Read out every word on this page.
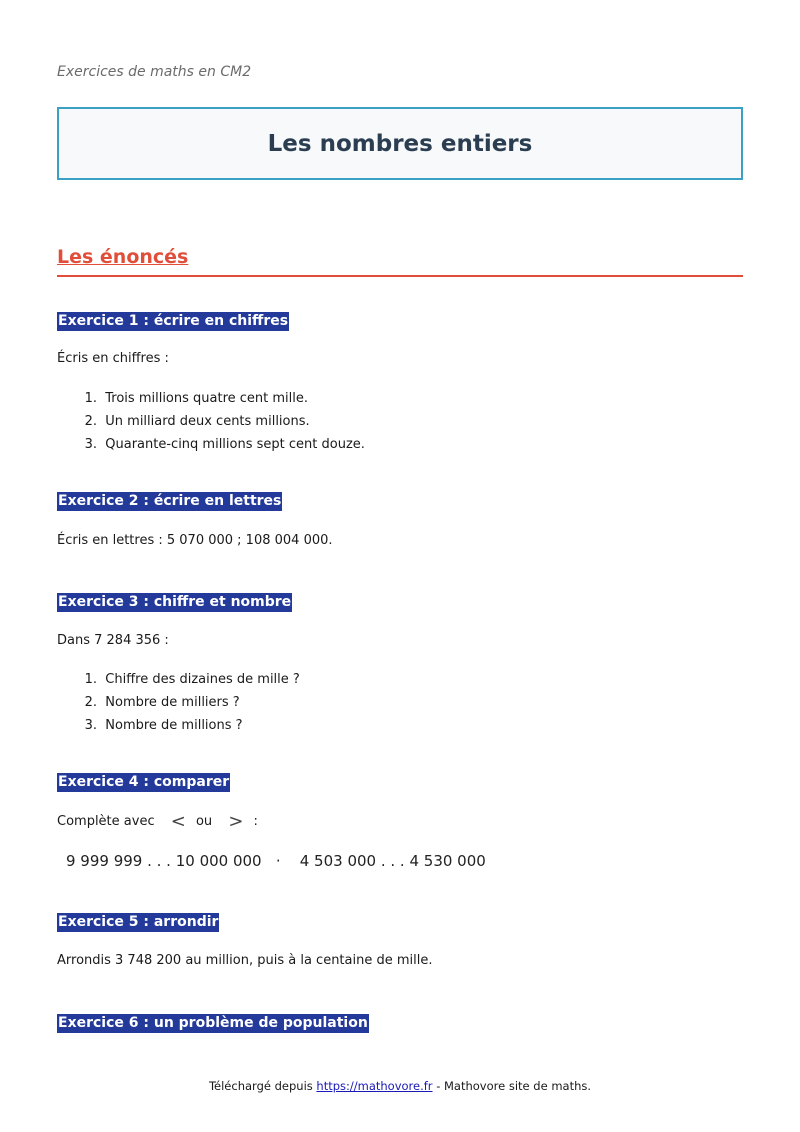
Exercices de maths en CM2
Les nombres entiers
Les énoncés
Exercice 1 : écrire en chiffres
Écris en chiffres :
1. Trois millions quatre cent mille.
2. Un milliard deux cents millions.
3. Quarante-cinq millions sept cent douze.
Exercice 2 : écrire en lettres
Écris en lettres : 5 070 000 ; 108 004 000.
Exercice 3 : chiffre et nombre
Dans 7 284 356 :
1. Chiffre des dizaines de mille ?
2. Nombre de milliers ?
3. Nombre de millions ?
Exercice 4 : comparer
Complète avec < ou > :
9 999 999 . . . 10 000 000   ·    4 503 000 . . . 4 530 000
Exercice 5 : arrondir
Arrondis 3 748 200 au million, puis à la centaine de mille.
Exercice 6 : un problème de population
Téléchargé depuis https://mathovore.fr - Mathovore site de maths.
